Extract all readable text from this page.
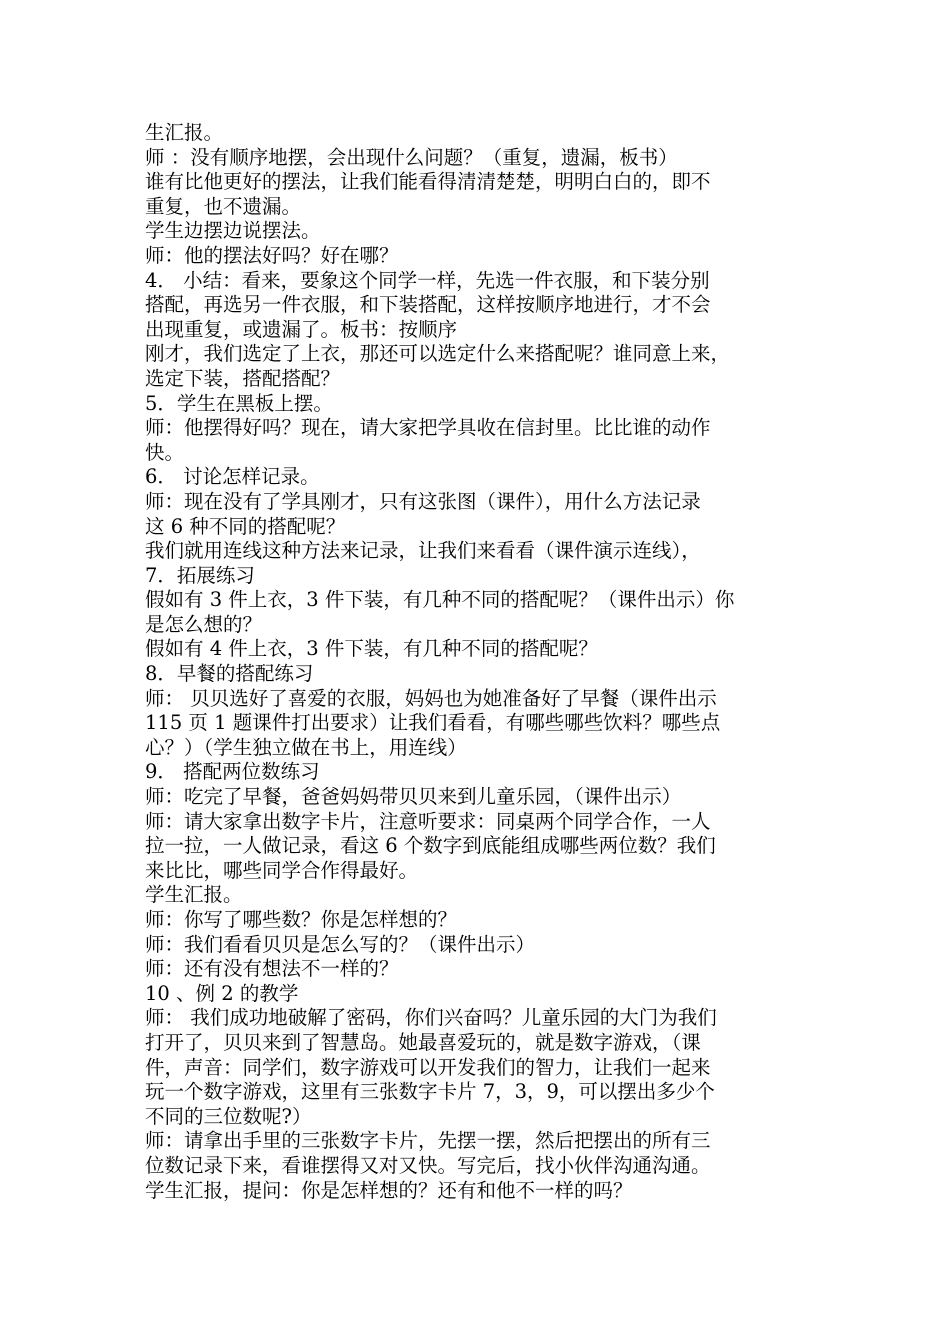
生汇报。

师 ：没有顺序地摆，会出现什么问题？（重复，遗漏，板书）

谁有比他更好的摆法，让我们能看得清清楚楚，明明白白的，即不

重复，也不遗漏。

学生边摆边说摆法。

师：他的摆法好吗？好在哪？

4． 小结：看来，要象这个同学一样，先选一件衣服，和下装分别

搭配，再选另一件衣服，和下装搭配，这样按顺序地进行，才不会

出现重复，或遗漏了。板书：按顺序

刚才，我们选定了上衣，那还可以选定什么来搭配呢？谁同意上来，

选定下装，搭配搭配？

5．学生在黑板上摆。

师：他摆得好吗？现在，请大家把学具收在信封里。比比谁的动作

快。

6． 讨论怎样记录。

师：现在没有了学具刚才，只有这张图（课件），用什么方法记录

这 6 种不同的搭配呢？

我们就用连线这种方法来记录，让我们来看看（课件演示连线），

7．拓展练习

假如有 3 件上衣，3 件下装，有几种不同的搭配呢？（课件出示）你

是怎么想的？

假如有 4 件上衣，3 件下装，有几种不同的搭配呢？

8．早餐的搭配练习

师： 贝贝选好了喜爱的衣服，妈妈也为她准备好了早餐（课件出示

115 页 1 题课件打出要求）让我们看看，有哪些哪些饮料？哪些点

心？）（学生独立做在书上，用连线）

9． 搭配两位数练习

师：吃完了早餐，爸爸妈妈带贝贝来到儿童乐园，（课件出示）

师：请大家拿出数字卡片，注意听要求：同桌两个同学合作，一人

拉一拉，一人做记录，看这 6 个数字到底能组成哪些两位数？我们

来比比，哪些同学合作得最好。

学生汇报。

师：你写了哪些数？你是怎样想的？

师：我们看看贝贝是怎么写的？（课件出示）

师：还有没有想法不一样的？

10 、例 2 的教学

师： 我们成功地破解了密码，你们兴奋吗？儿童乐园的大门为我们

打开了，贝贝来到了智慧岛。她最喜爱玩的，就是数字游戏，（课

件，声音：同学们，数字游戏可以开发我们的智力，让我们一起来

玩一个数字游戏，这里有三张数字卡片 7，3，9，可以摆出多少个

不同的三位数呢?）

师：请拿出手里的三张数字卡片，先摆一摆，然后把摆出的所有三

位数记录下来，看谁摆得又对又快。写完后，找小伙伴沟通沟通。

学生汇报，提问：你是怎样想的？还有和他不一样的吗？
